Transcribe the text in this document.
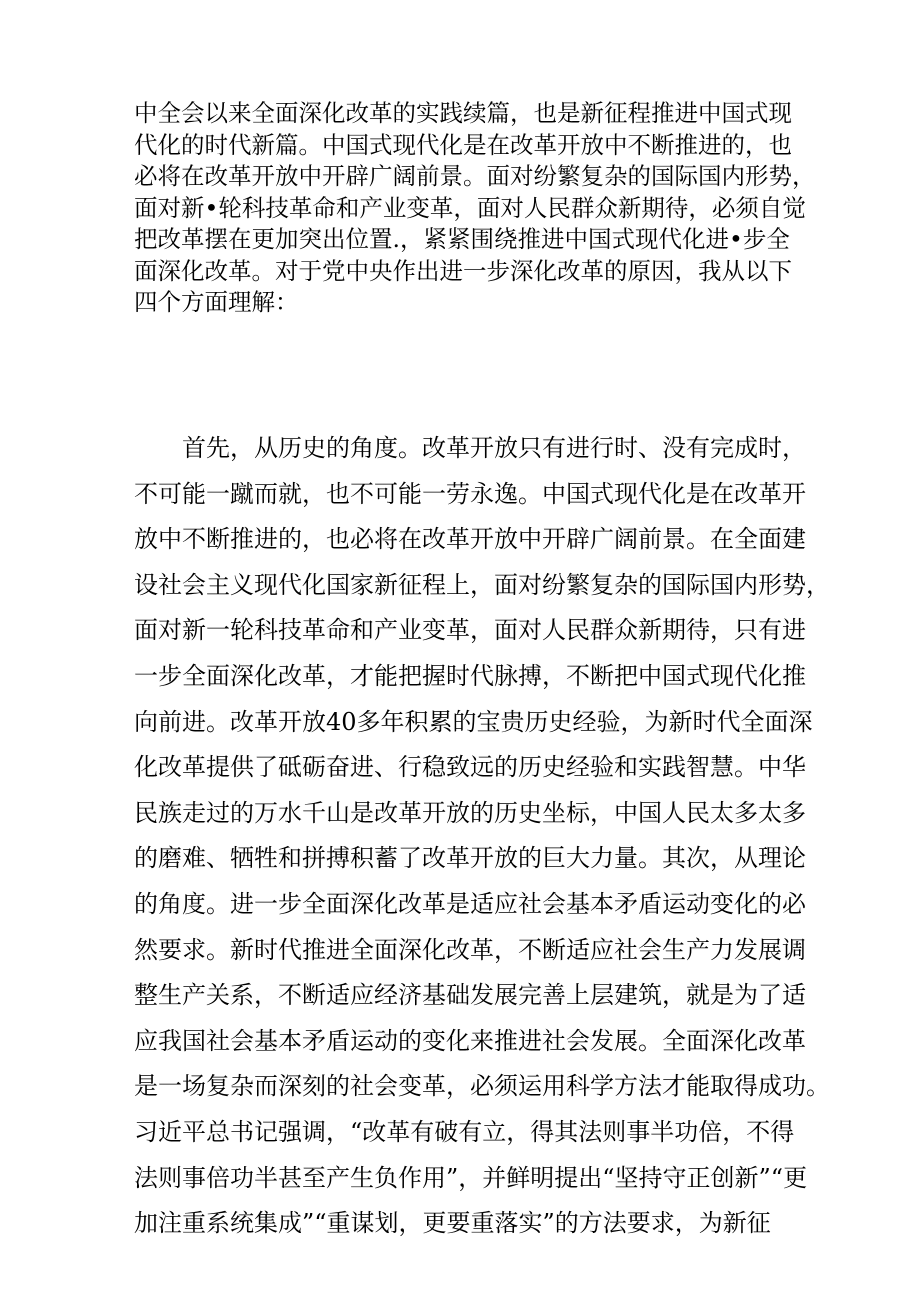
中全会以来全面深化改革的实践续篇，也是新征程推进中国式现
代化的时代新篇。中国式现代化是在改革开放中不断推进的，也
必将在改革开放中开辟广阔前景。面对纷繁复杂的国际国内形势，
面对新•轮科技革命和产业变革，面对人民群众新期待，必须自觉
把改革摆在更加突出位置.，紧紧围绕推进中国式现代化进•步全
面深化改革。对于党中央作出进一步深化改革的原因，我从以下
四个方面理解：
首先，从历史的角度。改革开放只有进行时、没有完成时，
不可能一蹴而就，也不可能一劳永逸。中国式现代化是在改革开
放中不断推进的，也必将在改革开放中开辟广阔前景。在全面建
设社会主义现代化国家新征程上，面对纷繁复杂的国际国内形势，
面对新一轮科技革命和产业变革，面对人民群众新期待，只有进
一步全面深化改革，才能把握时代脉搏，不断把中国式现代化推
向前进。改革开放40多年积累的宝贵历史经验，为新时代全面深
化改革提供了砥砺奋进、行稳致远的历史经验和实践智慧。中华
民族走过的万水千山是改革开放的历史坐标，中国人民太多太多
的磨难、牺牲和拼搏积蓄了改革开放的巨大力量。其次，从理论
的角度。进一步全面深化改革是适应社会基本矛盾运动变化的必
然要求。新时代推进全面深化改革，不断适应社会生产力发展调
整生产关系，不断适应经济基础发展完善上层建筑，就是为了适
应我国社会基本矛盾运动的变化来推进社会发展。全面深化改革
是一场复杂而深刻的社会变革，必须运用科学方法才能取得成功。
习近平总书记强调，“改革有破有立，得其法则事半功倍，不得
法则事倍功半甚至产生负作用”，并鲜明提出“坚持守正创新”“更
加注重系统集成”“重谋划，更要重落实”的方法要求，为新征
